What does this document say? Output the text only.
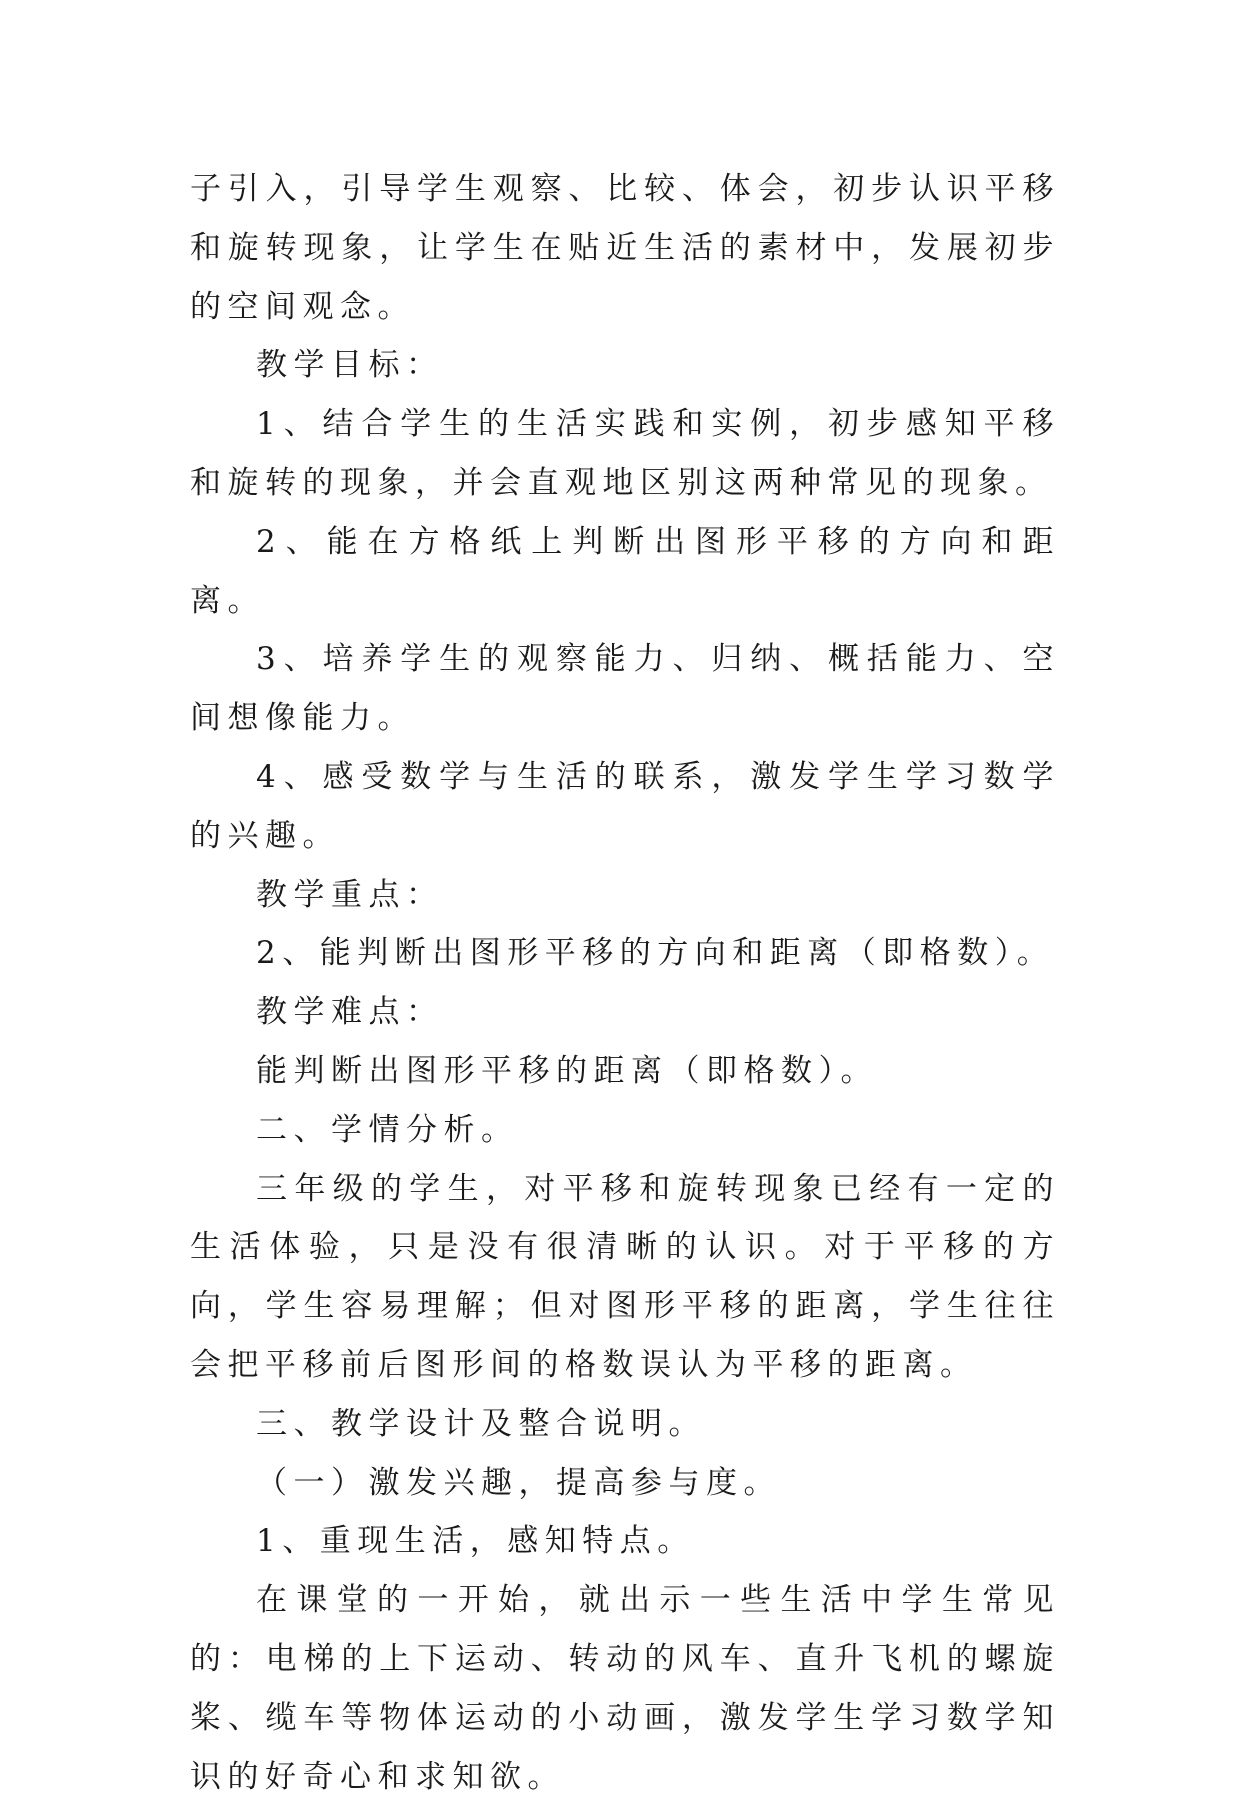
子引入，引导学生观察、比较、体会，初步认识平移和旋转现象，让学生在贴近生活的素材中，发展初步的空间观念。

教学目标：

1、结合学生的生活实践和实例，初步感知平移和旋转的现象，并会直观地区别这两种常见的现象。

2、能在方格纸上判断出图形平移的方向和距离。

3、培养学生的观察能力、归纳、概括能力、空间想像能力。

4、感受数学与生活的联系，激发学生学习数学的兴趣。

教学重点：

2、能判断出图形平移的方向和距离（即格数）。

教学难点：

能判断出图形平移的距离（即格数）。

二、学情分析。

三年级的学生，对平移和旋转现象已经有一定的生活体验，只是没有很清晰的认识。对于平移的方向，学生容易理解；但对图形平移的距离，学生往往会把平移前后图形间的格数误认为平移的距离。

三、教学设计及整合说明。

（一）激发兴趣，提高参与度。

1、重现生活，感知特点。

在课堂的一开始，就出示一些生活中学生常见的：电梯的上下运动、转动的风车、直升飞机的螺旋桨、缆车等物体运动的小动画，激发学生学习数学知识的好奇心和求知欲。
